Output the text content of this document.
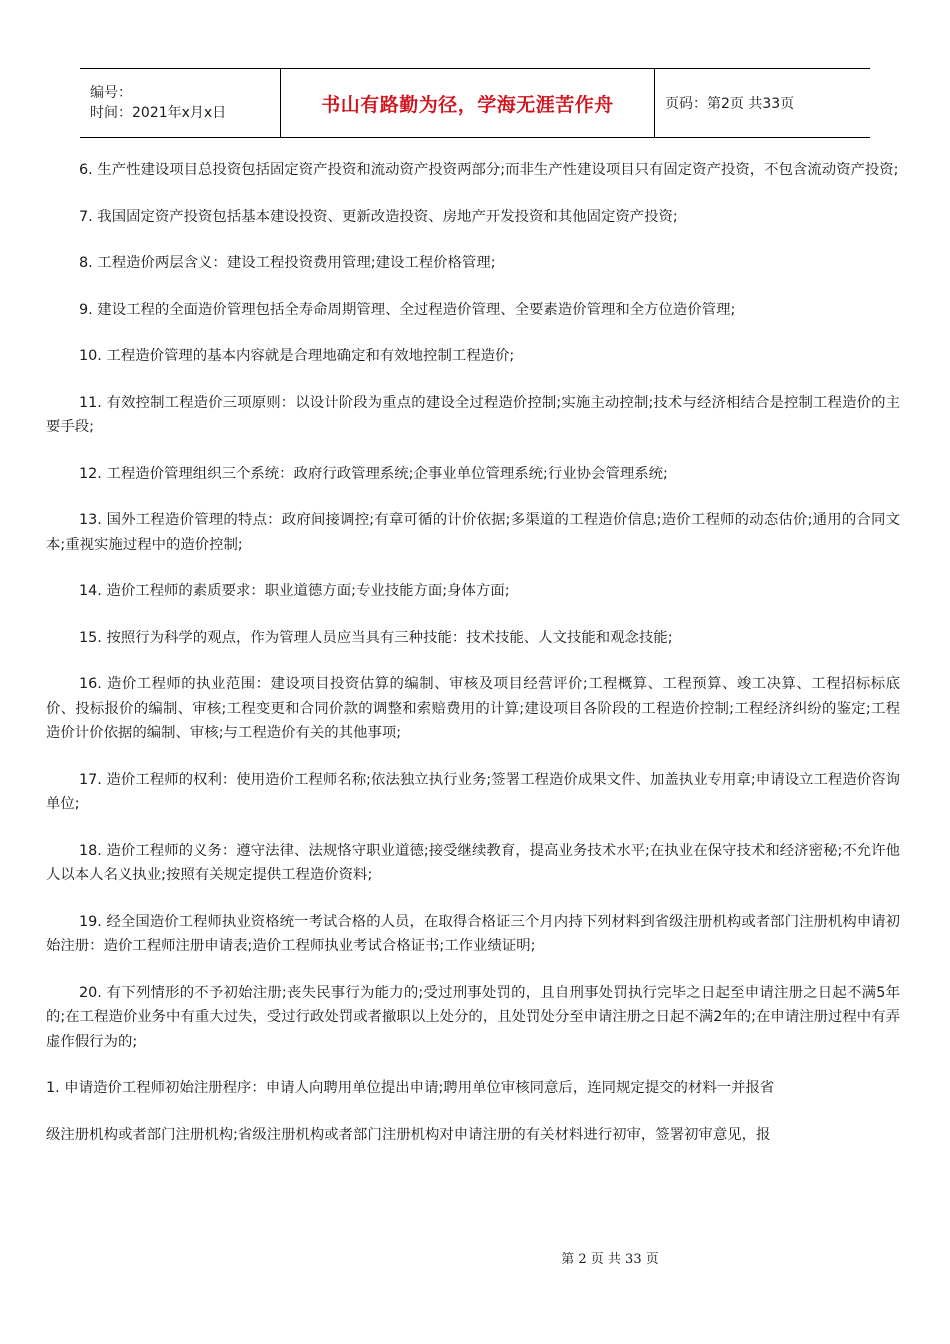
编号：
时间：2021年x月x日	书山有路勤为径，学海无涯苦作舟	页码：第2页 共33页

6. 生产性建设项目总投资包括固定资产投资和流动资产投资两部分;而非生产性建设项目只有固定资产投资，不包含流动资产投资;

7. 我国固定资产投资包括基本建设投资、更新改造投资、房地产开发投资和其他固定资产投资;

8. 工程造价两层含义：建设工程投资费用管理;建设工程价格管理;

9. 建设工程的全面造价管理包括全寿命周期管理、全过程造价管理、全要素造价管理和全方位造价管理;

10. 工程造价管理的基本内容就是合理地确定和有效地控制工程造价;

11. 有效控制工程造价三项原则：以设计阶段为重点的建设全过程造价控制;实施主动控制;技术与经济相结合是控制工程造价的主要手段;

12. 工程造价管理组织三个系统：政府行政管理系统;企事业单位管理系统;行业协会管理系统;

13. 国外工程造价管理的特点：政府间接调控;有章可循的计价依据;多渠道的工程造价信息;造价工程师的动态估价;通用的合同文本;重视实施过程中的造价控制;

14. 造价工程师的素质要求：职业道德方面;专业技能方面;身体方面;

15. 按照行为科学的观点，作为管理人员应当具有三种技能：技术技能、人文技能和观念技能;

16. 造价工程师的执业范围：建设项目投资估算的编制、审核及项目经营评价;工程概算、工程预算、竣工决算、工程招标标底价、投标报价的编制、审核;工程变更和合同价款的调整和索赔费用的计算;建设项目各阶段的工程造价控制;工程经济纠纷的鉴定;工程造价计价依据的编制、审核;与工程造价有关的其他事项;

17. 造价工程师的权利：使用造价工程师名称;依法独立执行业务;签署工程造价成果文件、加盖执业专用章;申请设立工程造价咨询单位;

18. 造价工程师的义务：遵守法律、法规恪守职业道德;接受继续教育，提高业务技术水平;在执业在保守技术和经济密秘;不允许他人以本人名义执业;按照有关规定提供工程造价资料;

19. 经全国造价工程师执业资格统一考试合格的人员，在取得合格证三个月内持下列材料到省级注册机构或者部门注册机构申请初始注册：造价工程师注册申请表;造价工程师执业考试合格证书;工作业绩证明;

20. 有下列情形的不予初始注册;丧失民事行为能力的;受过刑事处罚的，且自刑事处罚执行完毕之日起至申请注册之日起不满5年的;在工程造价业务中有重大过失，受过行政处罚或者撤职以上处分的，且处罚处分至申请注册之日起不满2年的;在申请注册过程中有弄虚作假行为的;

1. 申请造价工程师初始注册程序：申请人向聘用单位提出申请;聘用单位审核同意后，连同规定提交的材料一并报省

级注册机构或者部门注册机构;省级注册机构或者部门注册机构对申请注册的有关材料进行初审，签署初审意见，报

第 2 页 共 33 页
